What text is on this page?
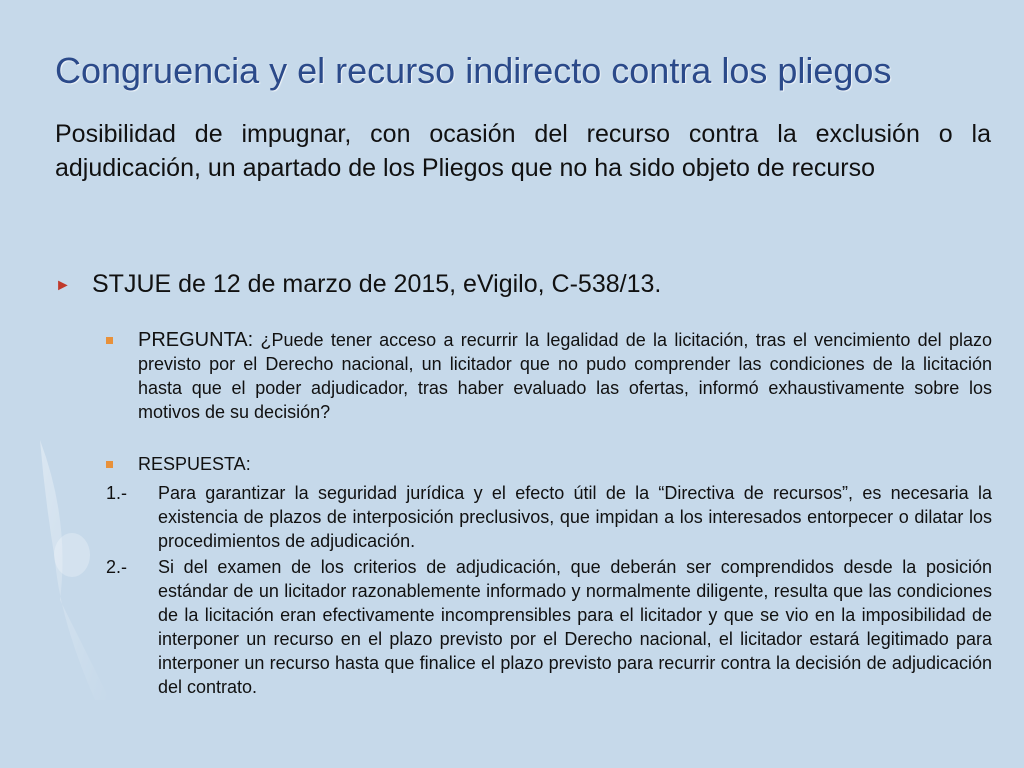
Congruencia y el recurso indirecto contra los pliegos

Posibilidad de impugnar, con ocasión del recurso contra la exclusión o la adjudicación, un apartado de los Pliegos que no ha sido objeto de recurso

► STJUE de 12 de marzo de 2015, eVigilo, C-538/13.
PREGUNTA: ¿Puede tener acceso a recurrir la legalidad de la licitación, tras el vencimiento del plazo previsto por el Derecho nacional, un licitador que no pudo comprender las condiciones de la licitación hasta que el poder adjudicador, tras haber evaluado las ofertas, informó exhaustivamente sobre los motivos de su decisión?
RESPUESTA:
1.- Para garantizar la seguridad jurídica y el efecto útil de la “Directiva de recursos”, es necesaria la existencia de plazos de interposición preclusivos, que impidan a los interesados entorpecer o dilatar los procedimientos de adjudicación.
2.- Si del examen de los criterios de adjudicación, que deberán ser comprendidos desde la posición estándar de un licitador razonablemente informado y normalmente diligente, resulta que las condiciones de la licitación eran efectivamente incomprensibles para el licitador y que se vio en la imposibilidad de interponer un recurso en el plazo previsto por el Derecho nacional, el licitador estará legitimado para interponer un recurso hasta que finalice el plazo previsto para recurrir contra la decisión de adjudicación del contrato.
